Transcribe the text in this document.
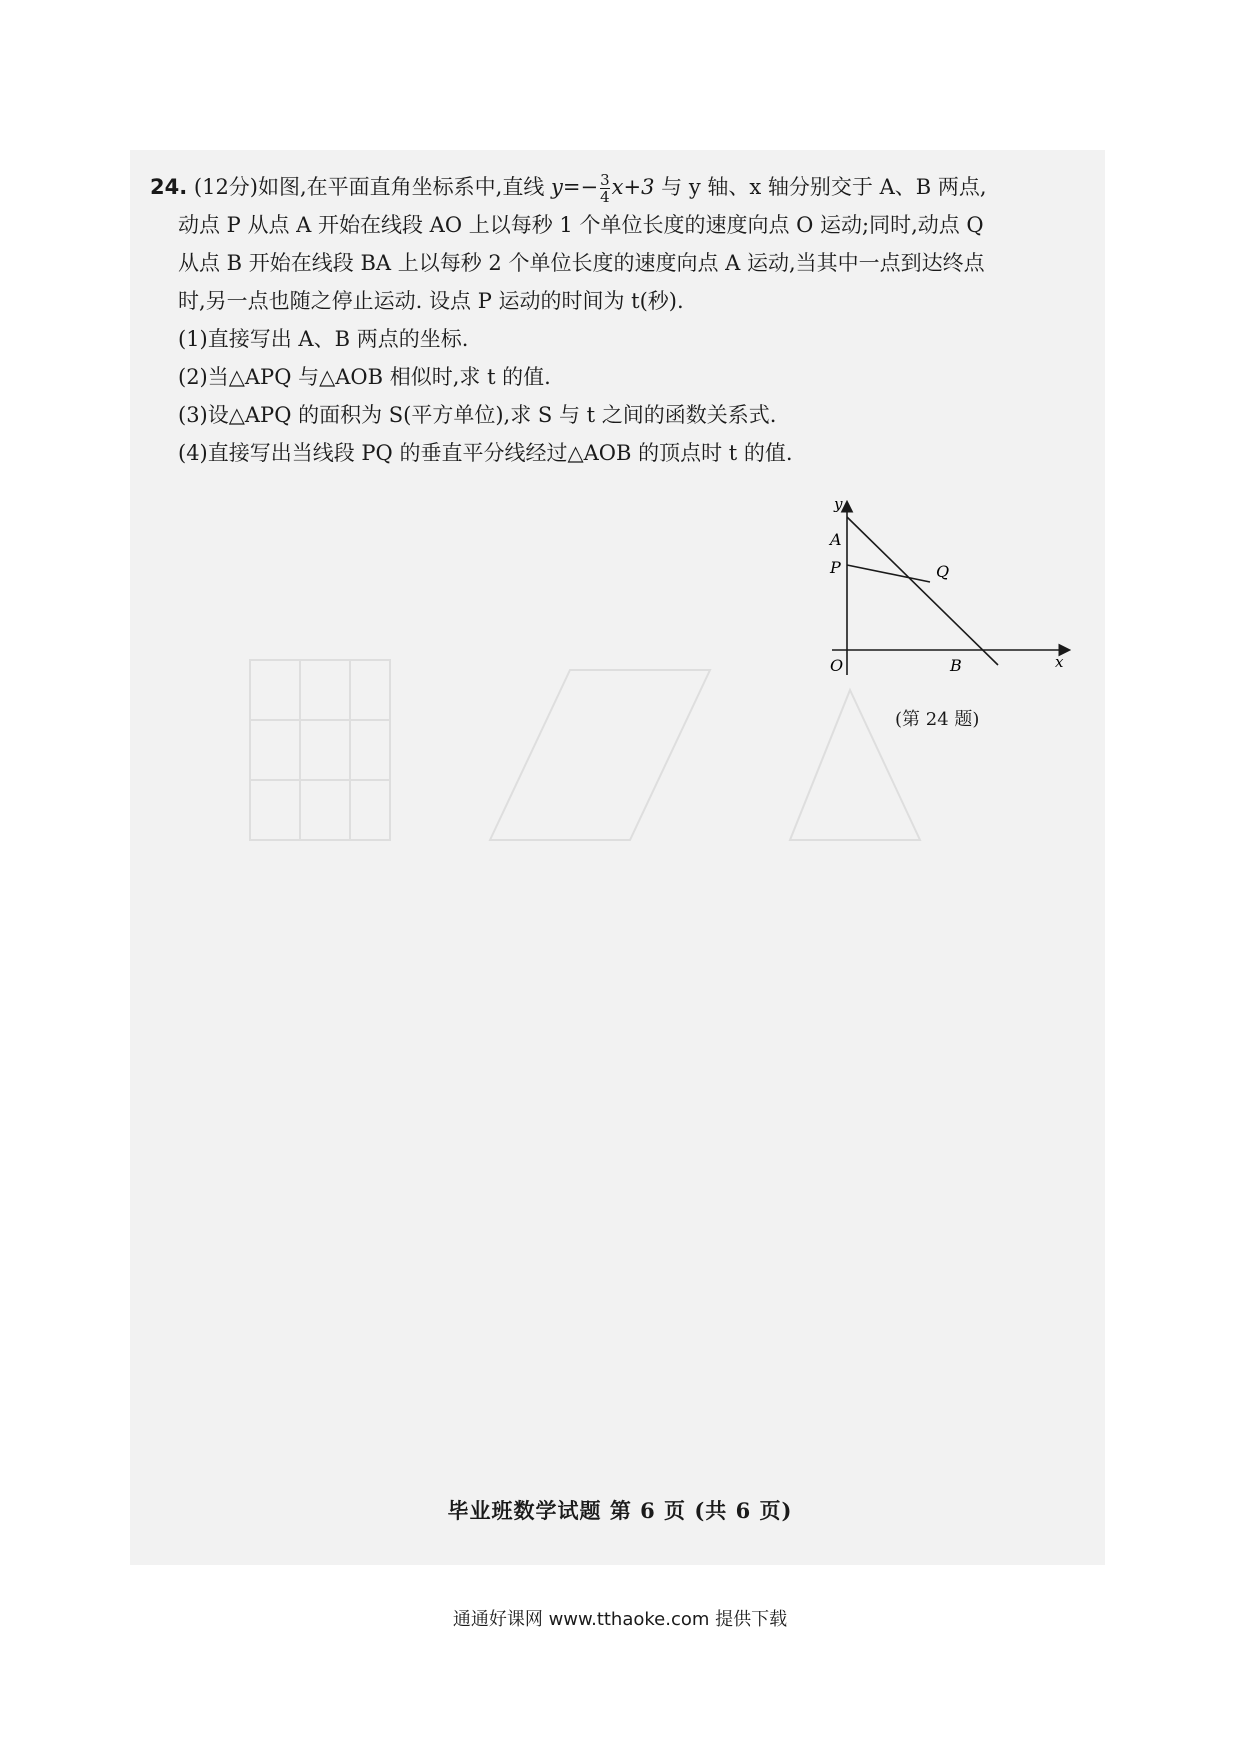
24. (12分)如图,在平面直角坐标系中,直线 $y=- \frac{3}{4} x+3$ 与 y 轴、x 轴分别交于 A、B 两点,
动点 P 从点 A 开始在线段 AO 上以每秒 1 个单位长度的速度向点 O 运动;同时,动点 Q
从点 B 开始在线段 BA 上以每秒 2 个单位长度的速度向点 A 运动,当其中一点到达终点
时,另一点也随之停止运动. 设点 P 运动的时间为 t(秒).
(1)直接写出 A、B 两点的坐标.
(2)当△APQ 与△AOB 相似时,求 t 的值.
(3)设△APQ 的面积为 S(平方单位),求 S 与 t 之间的函数关系式.
(4)直接写出当线段 PQ 的垂直平分线经过△AOB 的顶点时 t 的值.
y
x
A
P	Q
O	B
(第 24 题)
毕业班数学试题 第 6 页 (共 6 页)
通通好课网 www.tthaoke.com 提供下载
